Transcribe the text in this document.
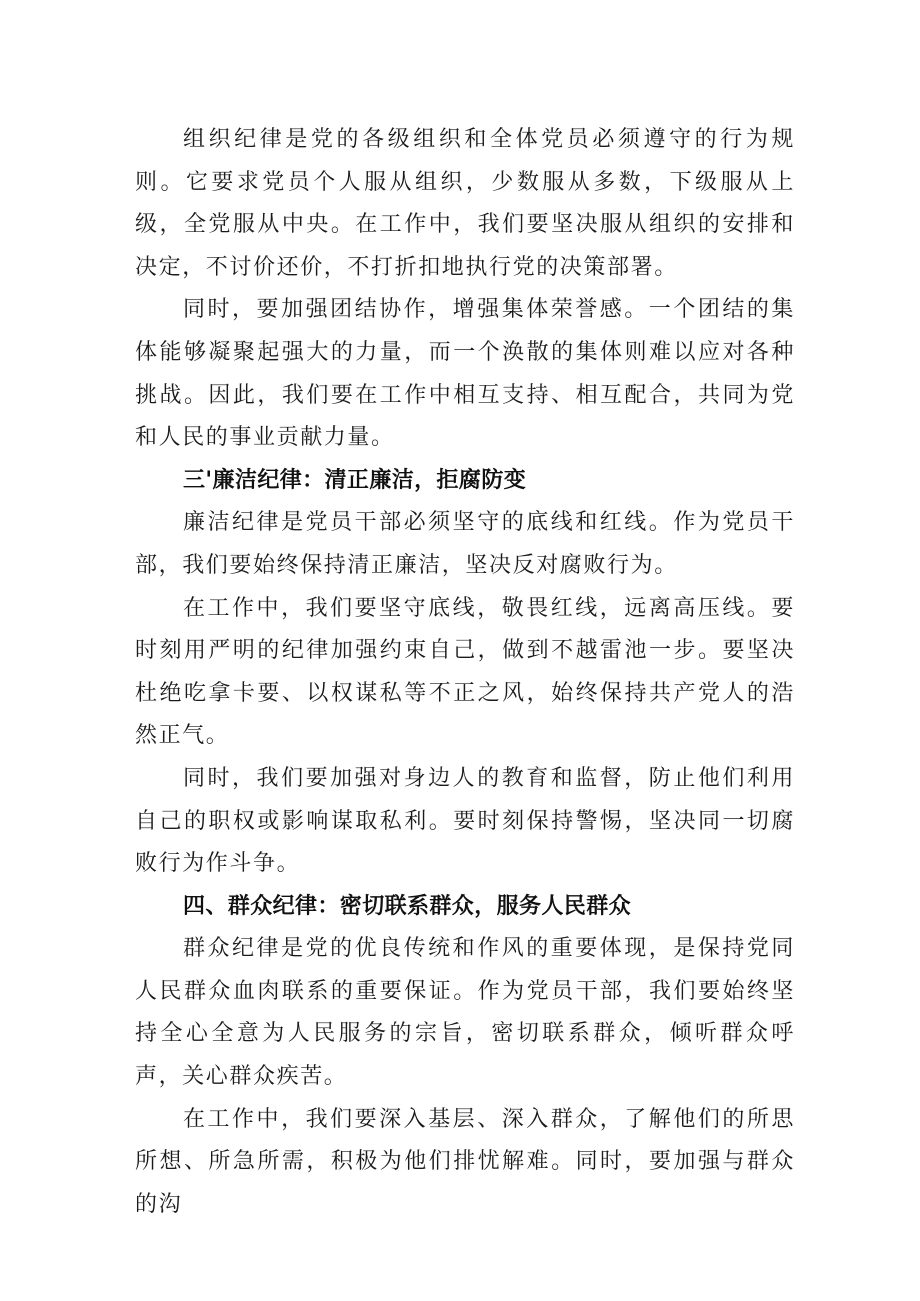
组织纪律是党的各级组织和全体党员必须遵守的行为规则。它要求党员个人服从组织，少数服从多数，下级服从上级，全党服从中央。在工作中，我们要坚决服从组织的安排和决定，不讨价还价，不打折扣地执行党的决策部署。

同时，要加强团结协作，增强集体荣誉感。一个团结的集体能够凝聚起强大的力量，而一个涣散的集体则难以应对各种挑战。因此，我们要在工作中相互支持、相互配合，共同为党和人民的事业贡献力量。

三'廉洁纪律：清正廉洁，拒腐防变

廉洁纪律是党员干部必须坚守的底线和红线。作为党员干部，我们要始终保持清正廉洁，坚决反对腐败行为。

在工作中，我们要坚守底线，敬畏红线，远离高压线。要时刻用严明的纪律加强约束自己，做到不越雷池一步。要坚决杜绝吃拿卡要、以权谋私等不正之风，始终保持共产党人的浩然正气。

同时，我们要加强对身边人的教育和监督，防止他们利用自己的职权或影响谋取私利。要时刻保持警惕，坚决同一切腐败行为作斗争。

四、群众纪律：密切联系群众，服务人民群众

群众纪律是党的优良传统和作风的重要体现，是保持党同人民群众血肉联系的重要保证。作为党员干部，我们要始终坚持全心全意为人民服务的宗旨，密切联系群众，倾听群众呼声，关心群众疾苦。

在工作中，我们要深入基层、深入群众，了解他们的所思所想、所急所需，积极为他们排忧解难。同时，要加强与群众的沟
